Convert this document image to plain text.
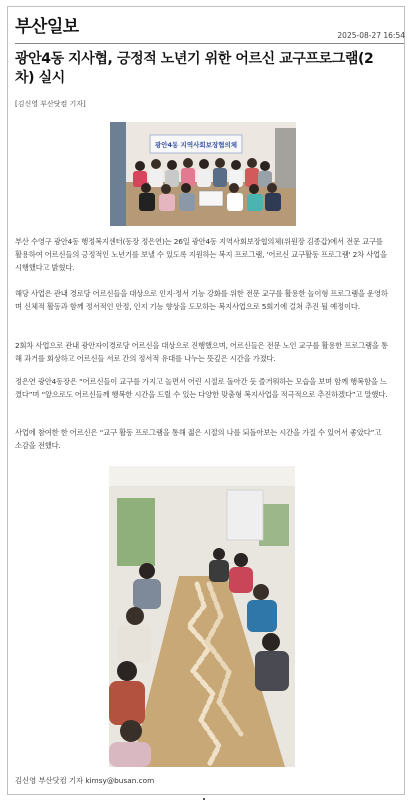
부산일보	2025-08-27 16:54
광안4동 지사협, 긍정적 노년기 위한 어르신 교구프로그램(2차) 실시
[김신영 부산닷컴 기자]
광안4동 지역사회보장협의체
부산 수영구 광안4동 행정복지센터(동장 정은연)는 26일 광안4동 지역사회보장협의체(위원장 김종갑)에서 전문 교구를 활용하여 어르신들의 긍정적인 노년기를 보낼 수 있도록 지원하는 복지 프로그램, '어르신 교구활동 프로그램' 2차 사업을 시행했다고 밝혔다.
해당 사업은 관내 경로당 어르신들을 대상으로 인지·정서 기능 강화를 위한 전문 교구를 활용한 놀이형 프로그램을 운영하며 신체적 활동과 함께 정서적인 안정, 인지 기능 향상을 도모하는 복지사업으로 5회기에 걸쳐 추진 될 예정이다.
2회차 사업으로 관내 광안자이경로당 어르신을 대상으로 진행했으며, 어르신들은 전문 노인 교구를 활용한 프로그램을 통해 과거를 회상하고 어르신들 서로 간의 정서적 유대를 나누는 뜻깊은 시간을 가졌다.
정은연 광안4동장은 “어르신들이 교구를 가지고 놀면서 어린 시절로 돌아간 듯 즐거워하는 모습을 보며 함께 행복함을 느꼈다”며 “앞으로도 어르신들께 행복한 시간을 드릴 수 있는 다양한 맞춤형 복지사업을 적극적으로 추진하겠다”고 말했다.
사업에 참여한 한 어르신은 “교구 활동 프로그램을 통해 젊은 시절의 나를 되돌아보는 시간을 가질 수 있어서 좋았다”고 소감을 전했다.
김신영 부산닷컴 기자 kimsy@busan.com
